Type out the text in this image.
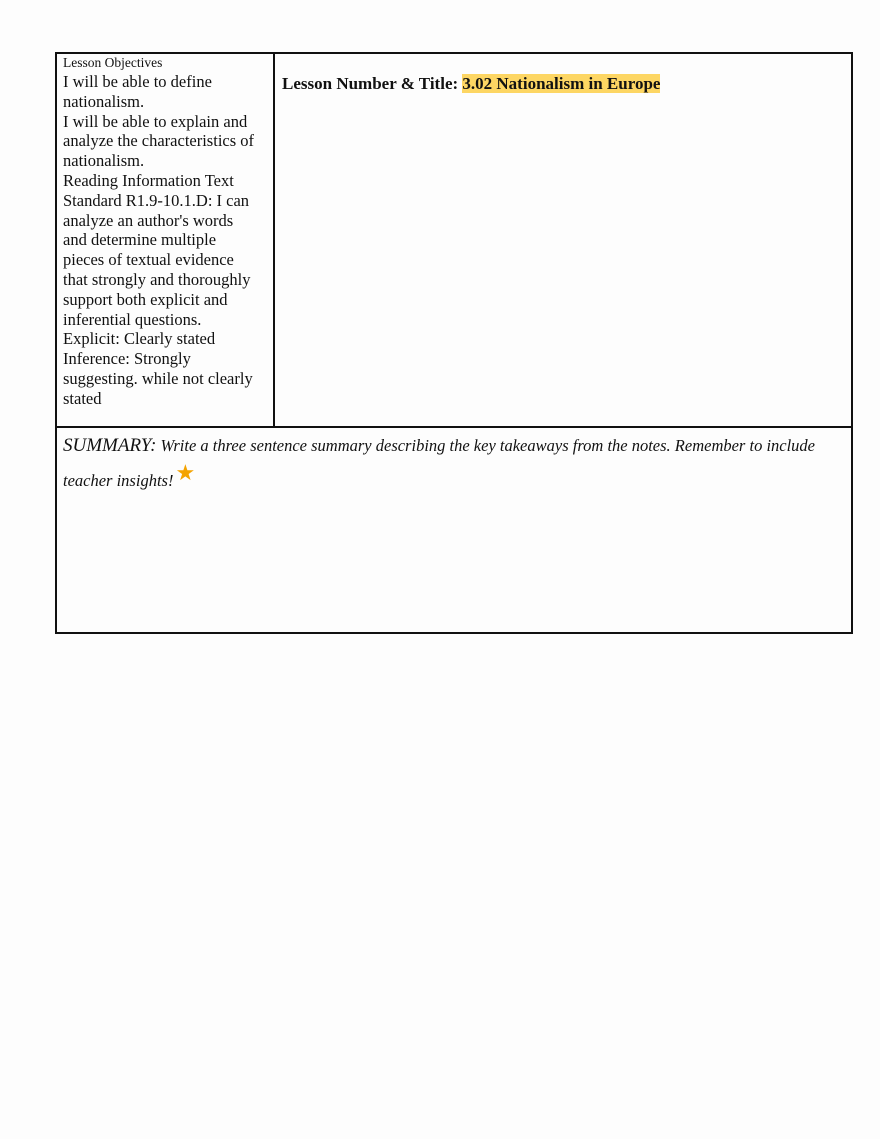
Lesson Objectives
I will be able to define
nationalism.
I will be able to explain and
analyze the characteristics of
nationalism.
Reading Information Text
Standard R1.9-10.1.D: I can
analyze an author's words
and determine multiple
pieces of textual evidence
that strongly and thoroughly
support both explicit and
inferential questions.
Explicit: Clearly stated
Inference: Strongly
suggesting. while not clearly
stated
Lesson Number & Title: 3.02 Nationalism in Europe
SUMMARY: Write a three sentence summary describing the key takeaways from the notes. Remember to include teacher insights!★
